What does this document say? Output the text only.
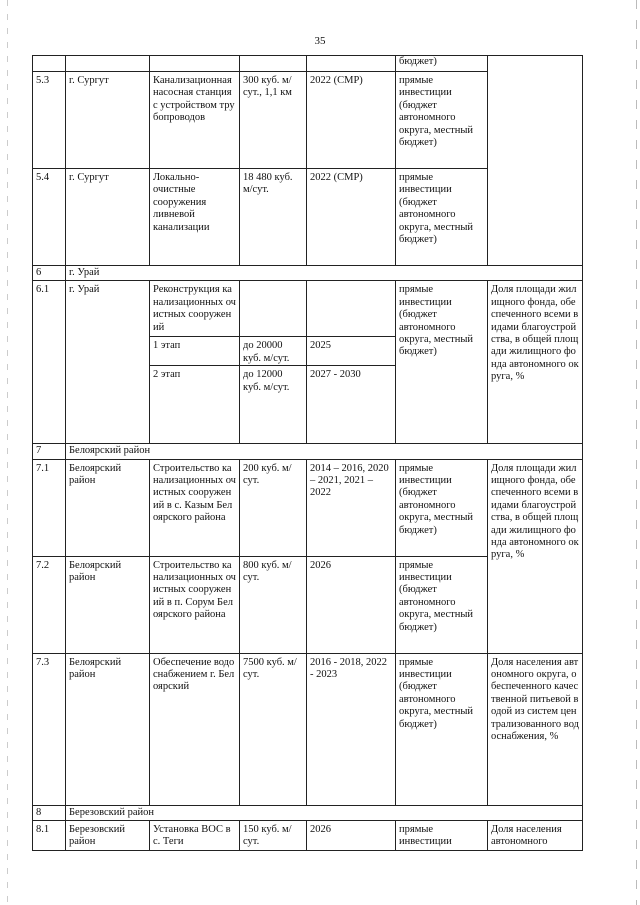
35
					бюджет)	
5.3	г. Сургут	Канализационная насосная станция с устройством трубопроводов	300 куб. м/сут., 1,1 км	2022 (СМР)	прямые инвестиции (бюджет автономного округа, местный бюджет)	
5.4	г. Сургут	Локально-очистные сооружения ливневой канализации	18 480 куб. м/сут.	2022 (СМР)	прямые инвестиции (бюджет автономного округа, местный бюджет)	
6	г. Урай					
6.1	г. Урай	Реконструкция канализационных очистных сооружений			прямые инвестиции (бюджет автономного округа, местный бюджет)	Доля площади жилищного фонда, обеспеченного всеми видами благоустройства, в общей площади жилищного фонда автономного округа, %
		1 этап	до 20000 куб. м/сут.	2025		
		2 этап	до 12000 куб. м/сут.	2027 - 2030		
7	Белоярский район					
7.1	Белоярский район	Строительство канализационных очистных сооружений в с. Казым Белоярского района	200 куб. м/сут.	2014 – 2016, 2020 – 2021, 2021 – 2022	прямые инвестиции (бюджет автономного округа, местный бюджет)	Доля площади жилищного фонда, обеспеченного всеми видами благоустройства, в общей площади жилищного фонда автономного округа, %
7.2	Белоярский район	Строительство канализационных очистных сооружений в п. Сорум Белоярского района	800 куб. м/сут.	2026	прямые инвестиции (бюджет автономного округа, местный бюджет)	
7.3	Белоярский район	Обеспечение водоснабжением г. Белоярский	7500 куб. м/сут.	2016 - 2018, 2022 - 2023	прямые инвестиции (бюджет автономного округа, местный бюджет)	Доля населения автономного округа, обеспеченного качественной питьевой водой из систем централизованного водоснабжения, %
8	Березовский район					
8.1	Березовский район	Установка ВОС в с. Теги	150 куб. м/сут.	2026	прямые инвестиции	Доля населения автономного
